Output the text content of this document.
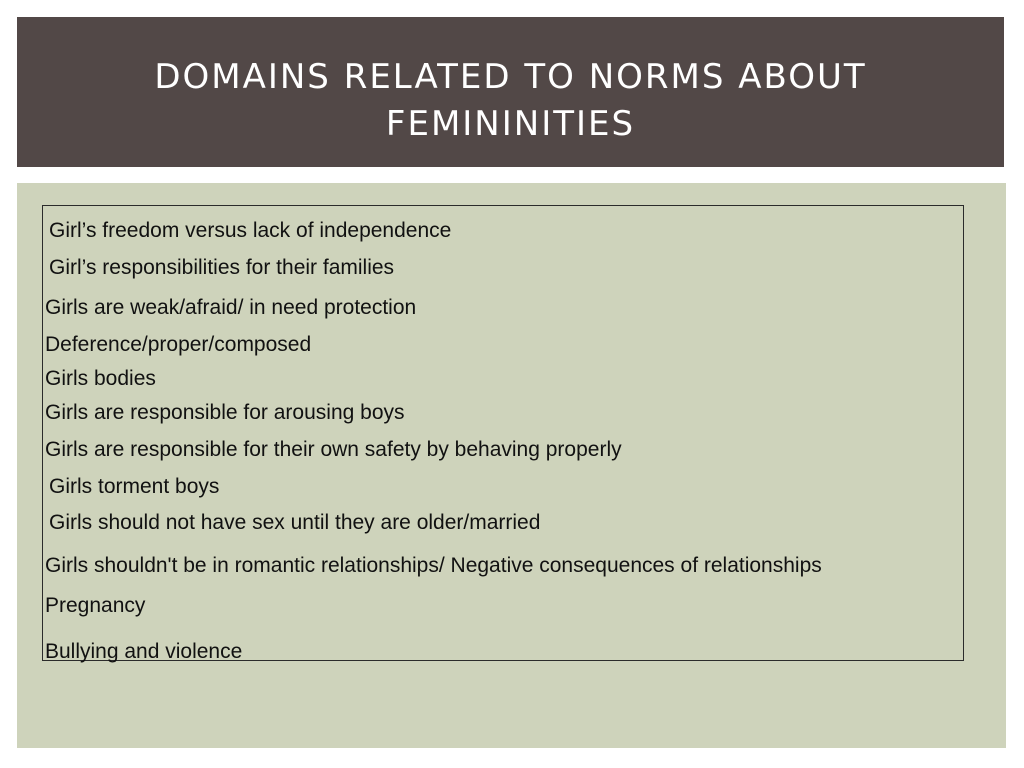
DOMAINS RELATED TO NORMS ABOUT
FEMININITIES
Girl’s freedom versus lack of independence
Girl’s responsibilities for their families
Girls are weak/afraid/ in need protection
Deference/proper/composed
Girls bodies
Girls are responsible for arousing boys
Girls are responsible for their own safety by behaving properly
Girls torment boys
Girls should not have sex until they are older/married
Girls shouldn't be in romantic relationships/ Negative consequences of relationships
Pregnancy
Bullying and violence
